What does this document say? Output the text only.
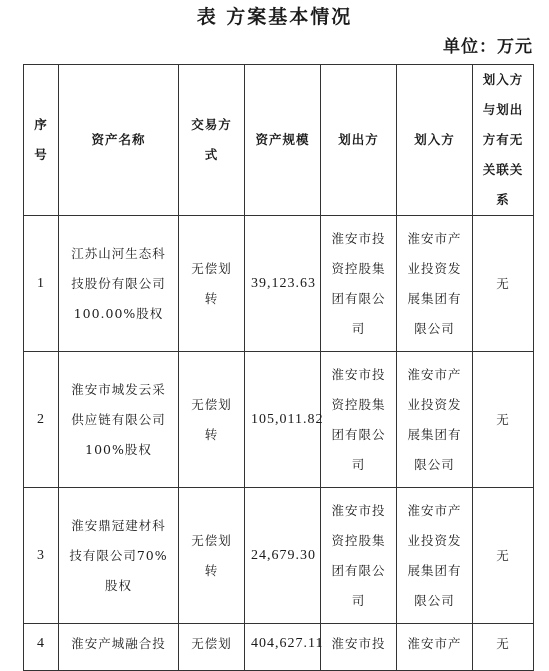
表 方案基本情况
单位：万元
序号	资产名称	交易方式	资产规模	划出方	划入方	划入方与划出方有无关联关系
1	江苏山河生态科技股份有限公司100.00%股权	无偿划转	39,123.63	淮安市投资控股集团有限公司	淮安市产业投资发展集团有限公司	无
2	淮安市城发云采供应链有限公司100%股权	无偿划转	105,011.82	淮安市投资控股集团有限公司	淮安市产业投资发展集团有限公司	无
3	淮安鼎冠建材科技有限公司70%股权	无偿划转	24,679.30	淮安市投资控股集团有限公司	淮安市产业投资发展集团有限公司	无
4	淮安产城融合投	无偿划	404,627.11	淮安市投	淮安市产	无
